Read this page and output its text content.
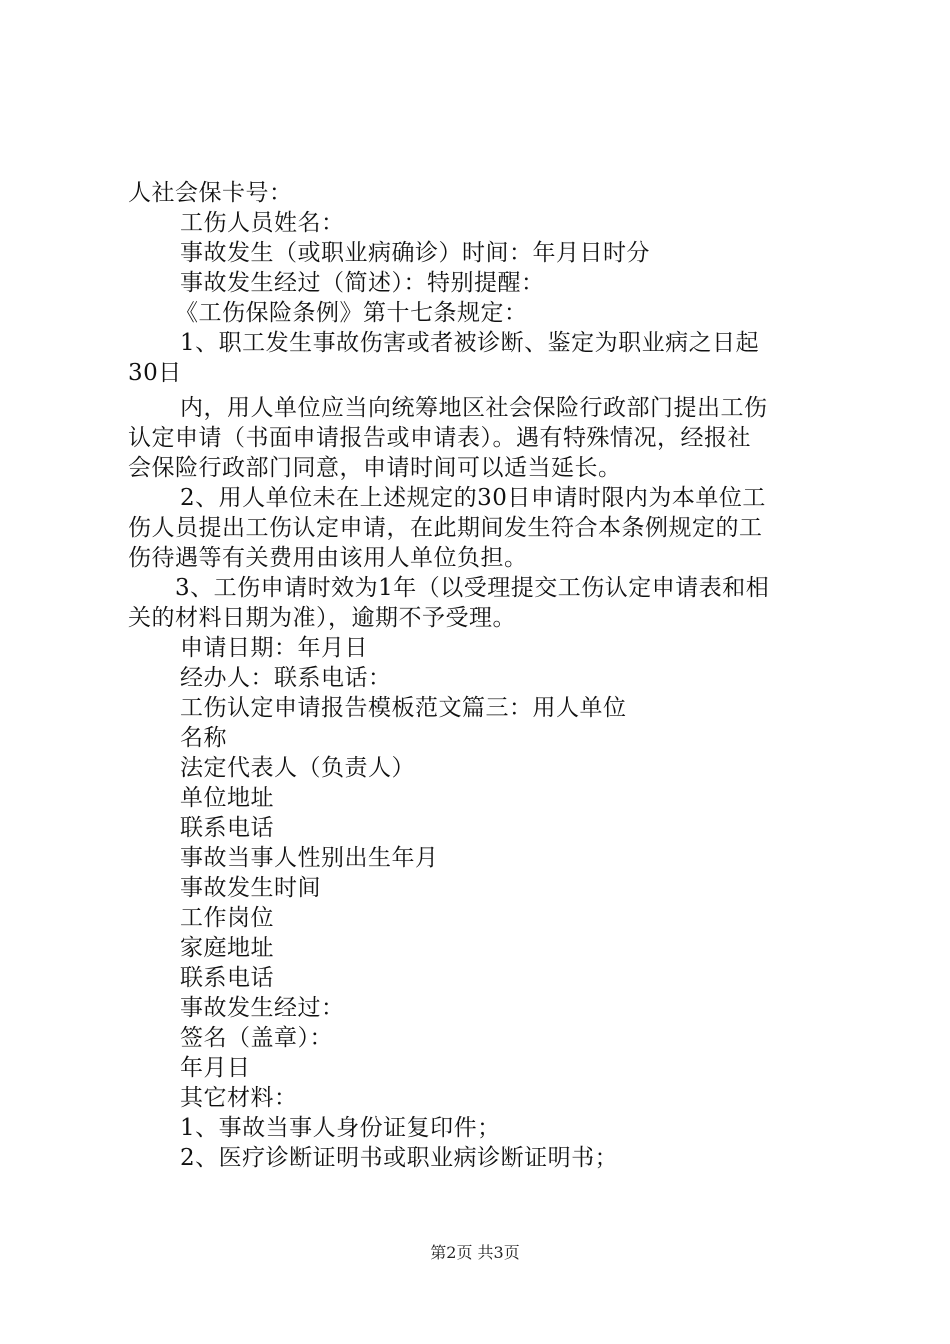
人社会保卡号：
工伤人员姓名：
事故发生（或职业病确诊）时间：年月日时分
事故发生经过（简述）：特别提醒：
《工伤保险条例》第十七条规定：
1、职工发生事故伤害或者被诊断、鉴定为职业病之日起
30日
内，用人单位应当向统筹地区社会保险行政部门提出工伤
认定申请（书面申请报告或申请表）。遇有特殊情况，经报社
会保险行政部门同意，申请时间可以适当延长。
2、用人单位未在上述规定的30日申请时限内为本单位工
伤人员提出工伤认定申请，在此期间发生符合本条例规定的工
伤待遇等有关费用由该用人单位负担。
3、工伤申请时效为1年（以受理提交工伤认定申请表和相
关的材料日期为准），逾期不予受理。
申请日期：年月日
经办人：联系电话：
工伤认定申请报告模板范文篇三：用人单位
名称
法定代表人（负责人）
单位地址
联系电话
事故当事人性别出生年月
事故发生时间
工作岗位
家庭地址
联系电话
事故发生经过：
签名（盖章）：
年月日
其它材料：
1、事故当事人身份证复印件；
2、医疗诊断证明书或职业病诊断证明书；
第2页 共3页
